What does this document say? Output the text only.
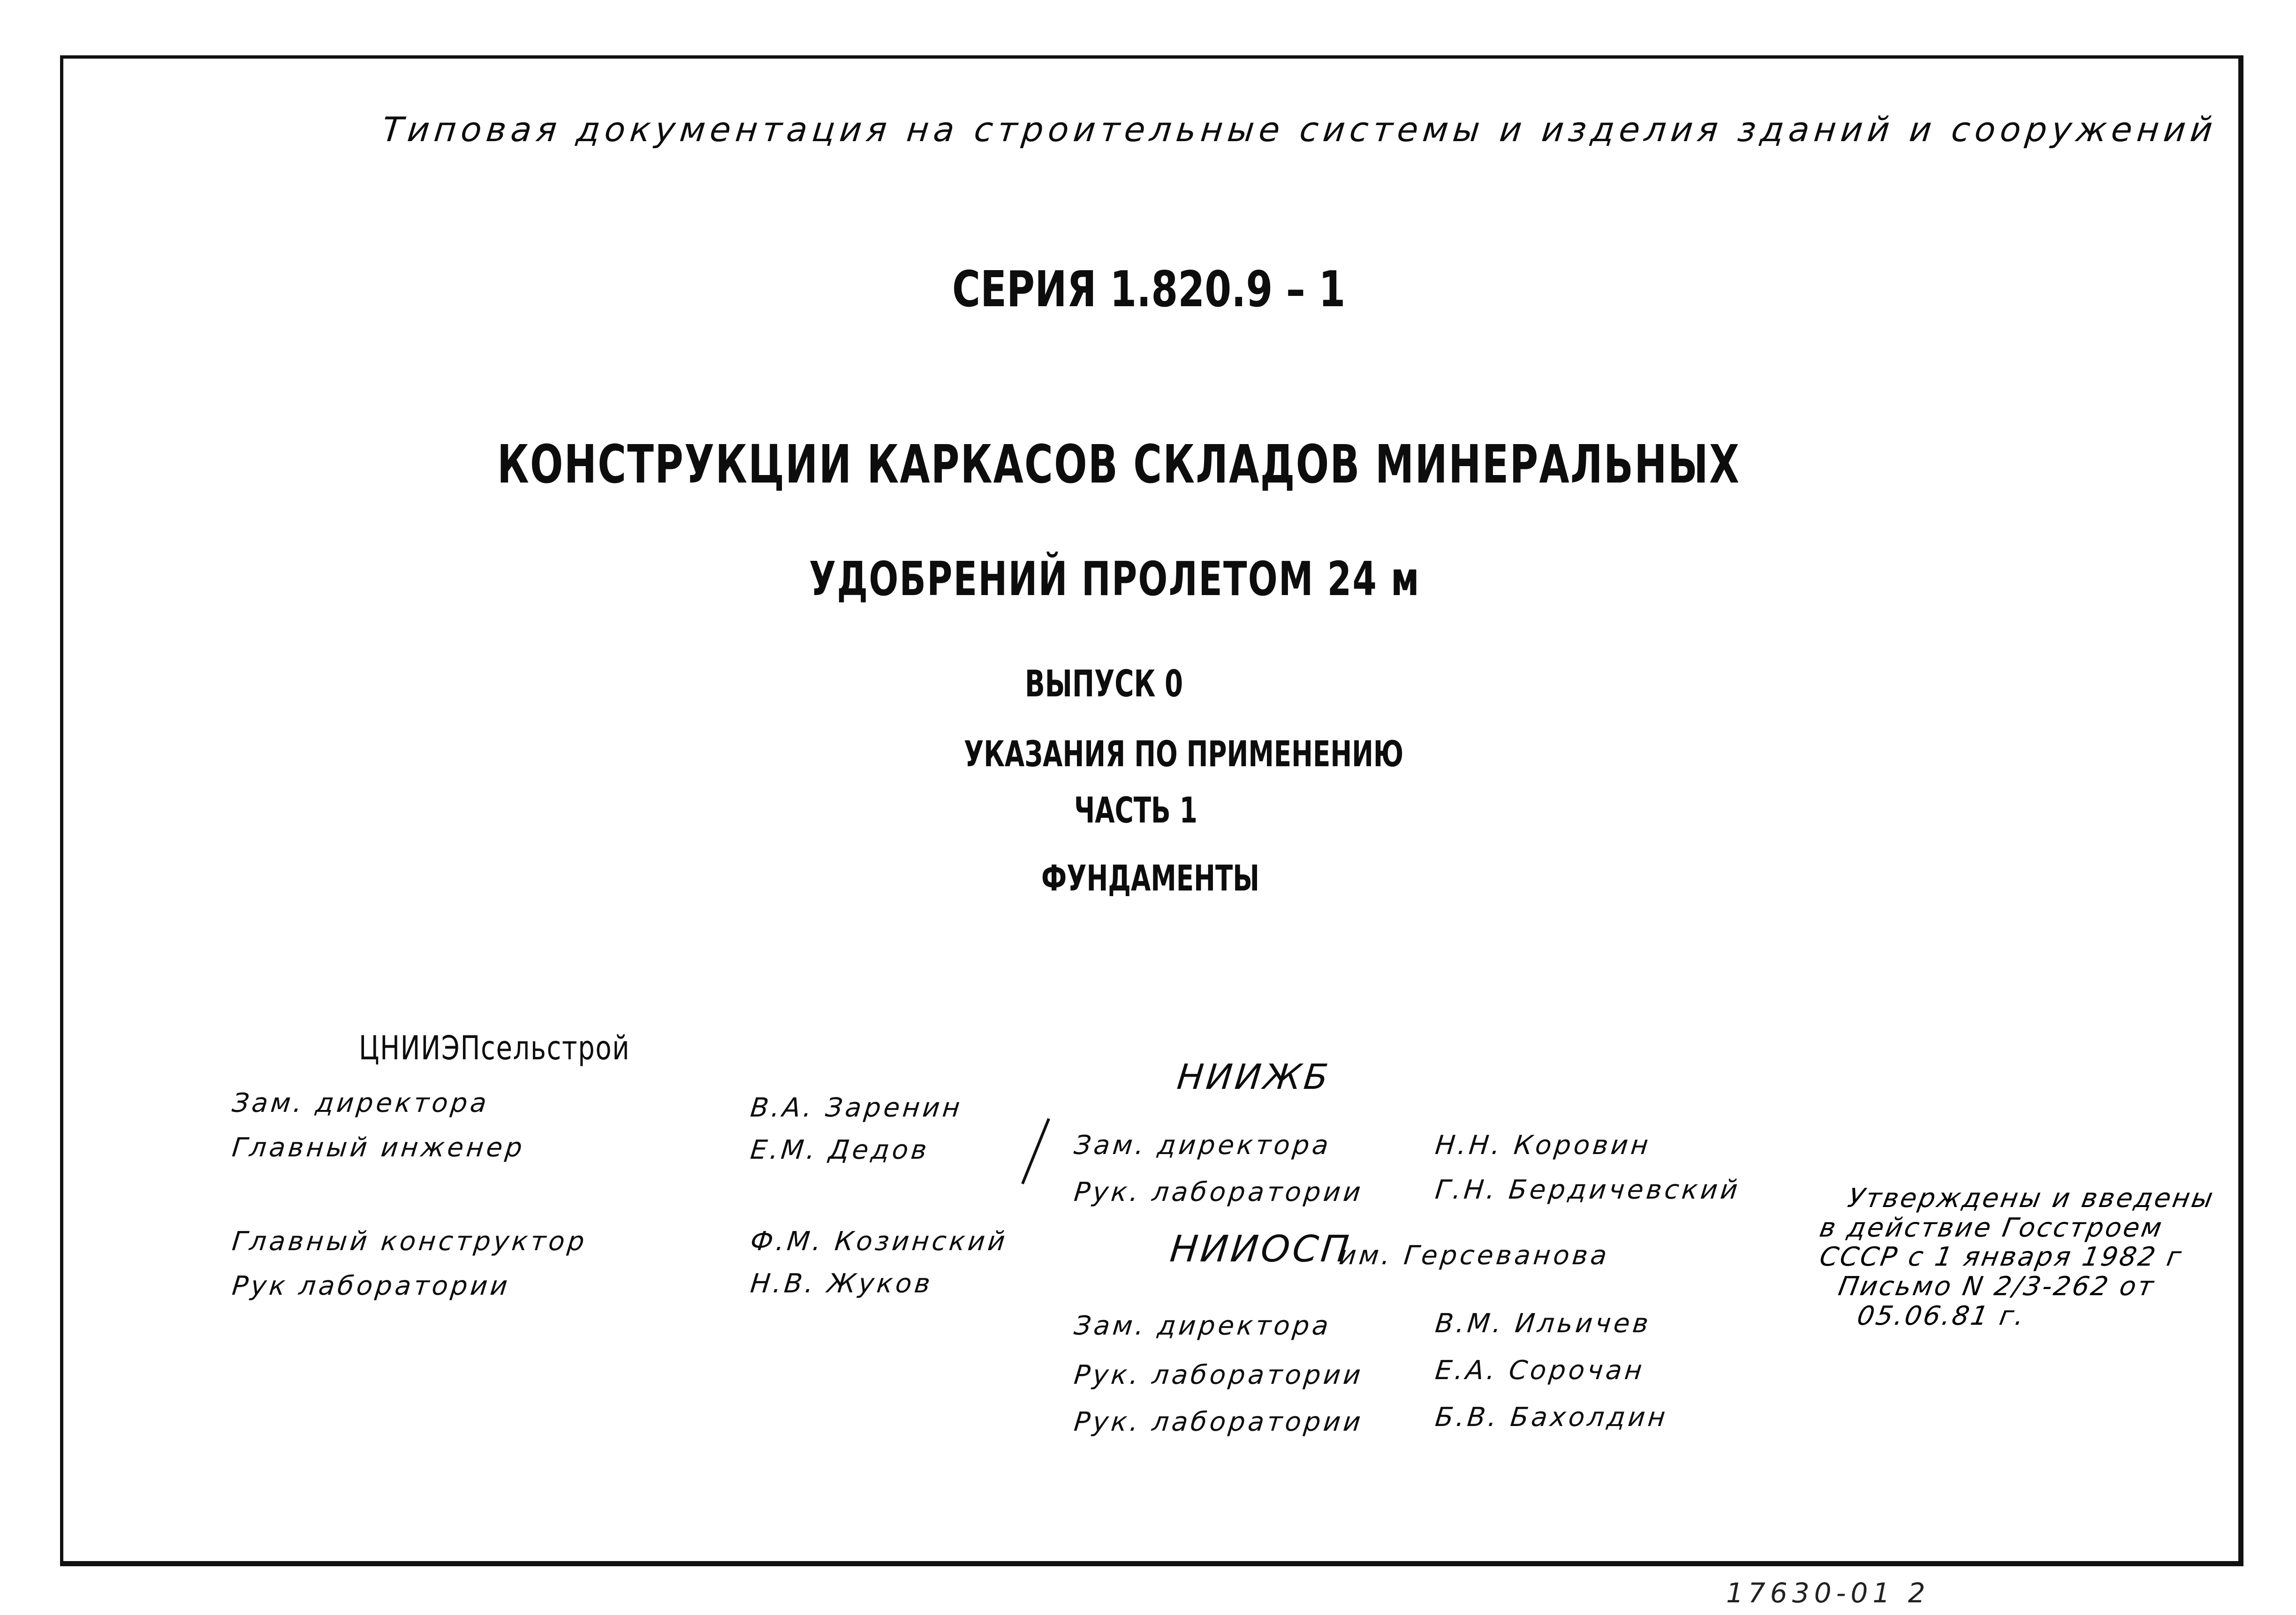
Типовая документация на строительные системы и изделия зданий и сооружений
СЕРИЯ 1.820.9 – 1
КОНСТРУКЦИИ КАРКАСОВ СКЛАДОВ МИНЕРАЛЬНЫХ
УДОБРЕНИЙ ПРОЛЕТОМ 24 м
ВЫПУСК 0
УКАЗАНИЯ ПО ПРИМЕНЕНИЮ
ЧАСТЬ 1
ФУНДАМЕНТЫ
ЦНИИЭПсельстрой
Зам. директора	В.А. Заренин
Главный инженер	Е.М. Дедов
Главный конструктор	Ф.М. Козинский
Рук лаборатории	Н.В. Жуков
НИИЖБ
Зам. директора	Н.Н. Коровин
Рук. лаборатории	Г.Н. Бердичевский
НИИОСП
им. Герсеванова
Зам. директора	В.М. Ильичев
Рук. лаборатории	Е.А. Сорочан
Рук. лаборатории	Б.В. Бахолдин
Утверждены и введены
в действие Госстроем
СССР с 1 января 1982 г
Письмо N 2/3-262 от
05.06.81 г.
17630-01 2
